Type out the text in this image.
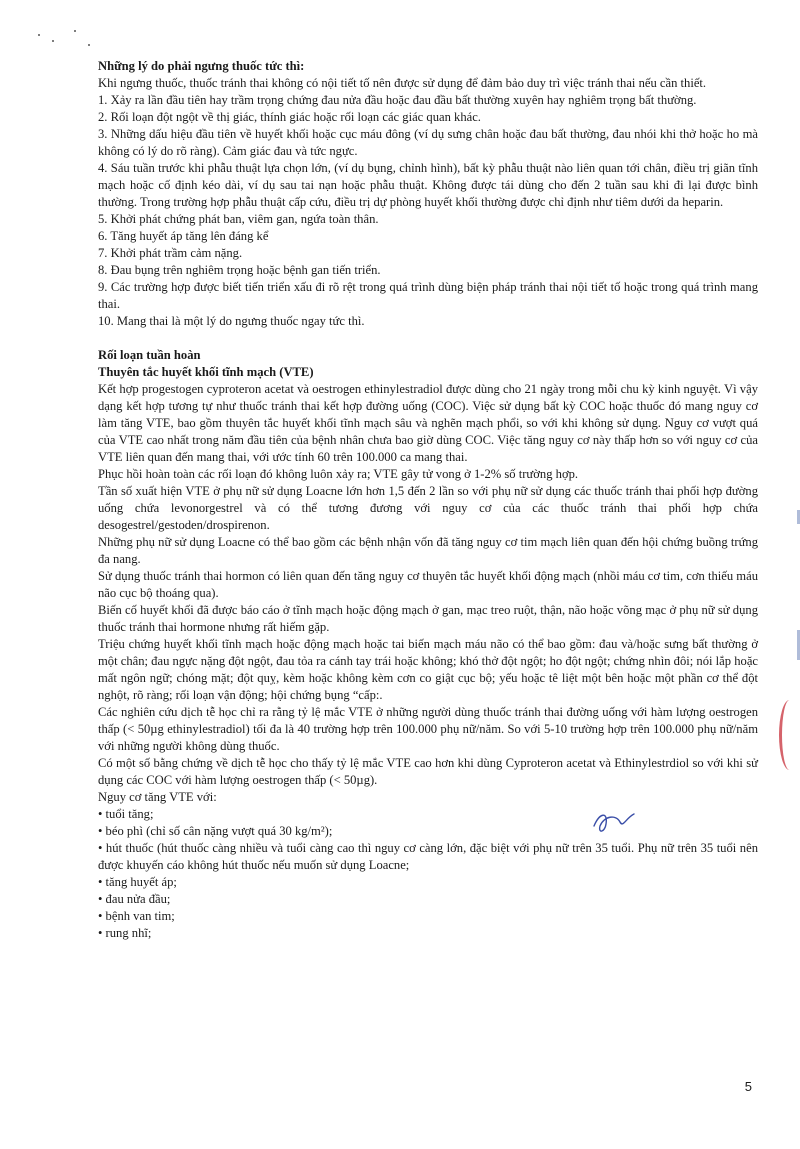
Những lý do phải ngưng thuốc tức thì:

Khi ngưng thuốc, thuốc tránh thai không có nội tiết tố nên được sử dụng để đảm bảo duy trì việc tránh thai nếu cần thiết.

1. Xảy ra lần đầu tiên hay trầm trọng chứng đau nửa đầu hoặc đau đầu bất thường xuyên hay nghiêm trọng bất thường.

2. Rối loạn đột ngột về thị giác, thính giác hoặc rối loạn các giác quan khác.

3. Những dấu hiệu đầu tiên về huyết khối hoặc cục máu đông (ví dụ sưng chân hoặc đau bất thường, đau nhói khi thở hoặc ho mà không có lý do rõ ràng). Cảm giác đau và tức ngực.

4. Sáu tuần trước khi phẫu thuật lựa chọn lớn, (ví dụ bụng, chỉnh hình), bất kỳ phẫu thuật nào liên quan tới chân, điều trị giãn tĩnh mạch hoặc cố định kéo dài, ví dụ sau tai nạn hoặc phẫu thuật. Không được tái dùng cho đến 2 tuần sau khi đi lại được bình thường. Trong trường hợp phẫu thuật cấp cứu, điều trị dự phòng huyết khối thường được chỉ định như tiêm dưới da heparin.

5. Khởi phát chứng phát ban, viêm gan, ngứa toàn thân.

6. Tăng huyết áp tăng lên đáng kể

7. Khởi phát trầm cảm nặng.

8. Đau bụng trên nghiêm trọng hoặc bệnh gan tiến triển.

9. Các trường hợp được biết tiến triển xấu đi rõ rệt trong quá trình dùng biện pháp tránh thai nội tiết tố hoặc trong quá trình mang thai.

10. Mang thai là một lý do ngưng thuốc ngay tức thì.

Rối loạn tuần hoàn

Thuyên tắc huyết khối tĩnh mạch (VTE)

Kết hợp progestogen cyproteron acetat và oestrogen ethinylestradiol được dùng cho 21 ngày trong mỗi chu kỳ kinh nguyệt. Vì vậy dạng kết hợp tương tự như thuốc tránh thai kết hợp đường uống (COC). Việc sử dụng bất kỳ COC hoặc thuốc đó mang nguy cơ làm tăng VTE, bao gồm thuyên tắc huyết khối tĩnh mạch sâu và nghẽn mạch phổi, so với khi không sử dụng. Nguy cơ vượt quá của VTE cao nhất trong năm đầu tiên của bệnh nhân chưa bao giờ dùng COC. Việc tăng nguy cơ này thấp hơn so với nguy cơ của VTE liên quan đến mang thai, với ước tính 60 trên 100.000 ca mang thai.

Phục hồi hoàn toàn các rối loạn đó không luôn xảy ra; VTE gây tử vong ở 1-2% số trường hợp.

Tần số xuất hiện VTE ở phụ nữ sử dụng Loacne lớn hơn 1,5 đến 2 lần so với phụ nữ sử dụng các thuốc tránh thai phối hợp đường uống chứa levonorgestrel và có thể tương đương với nguy cơ của các thuốc tránh thai phối hợp chứa desogestrel/gestoden/drospirenon.

Những phụ nữ sử dụng Loacne có thể bao gồm các bệnh nhận vốn đã tăng nguy cơ tim mạch liên quan đến hội chứng buồng trứng đa nang.

Sử dụng thuốc tránh thai hormon có liên quan đến tăng nguy cơ thuyên tắc huyết khối động mạch (nhồi máu cơ tim, cơn thiếu máu não cục bộ thoáng qua).

Biến cố huyết khối đã được báo cáo ở tĩnh mạch hoặc động mạch ở gan, mạc treo ruột, thận, não hoặc võng mạc ở phụ nữ sử dụng thuốc tránh thai hormone nhưng rất hiếm gặp.

Triệu chứng huyết khối tĩnh mạch hoặc động mạch hoặc tai biến mạch máu não có thể bao gồm: đau và/hoặc sưng bất thường ở một chân; đau ngực nặng đột ngột, đau tỏa ra cánh tay trái hoặc không; khó thở đột ngột; ho đột ngột; chứng nhìn đôi; nói lắp hoặc mất ngôn ngữ; chóng mặt; đột quỵ, kèm hoặc không kèm cơn co giật cục bộ; yếu hoặc tê liệt một bên hoặc một phần cơ thể đột nghột, rõ ràng; rối loạn vận động; hội chứng bụng “cấp:.

Các nghiên cứu dịch tễ học chỉ ra rằng tỷ lệ mắc VTE ở những người dùng thuốc tránh thai đường uống với hàm lượng oestrogen thấp (< 50µg ethinylestradiol) tối đa là 40 trường hợp trên 100.000 phụ nữ/năm. So với 5-10 trường hợp trên 100.000 phụ nữ/năm với những người không dùng thuốc.

Có một số bằng chứng về dịch tễ học cho thấy tỷ lệ mắc VTE cao hơn khi dùng Cyproteron acetat và Ethinylestrdiol so với khi sử dụng các COC với hàm lượng oestrogen thấp (< 50µg).

Nguy cơ tăng VTE với:

• tuổi tăng;

• béo phì (chỉ số cân nặng vượt quá 30 kg/m²);

• hút thuốc (hút thuốc càng nhiều và tuổi càng cao thì nguy cơ càng lớn, đặc biệt với phụ nữ trên 35 tuổi. Phụ nữ trên 35 tuổi nên được khuyến cáo không hút thuốc nếu muốn sử dụng Loacne;

• tăng huyết áp;

• đau nửa đầu;

• bệnh van tim;

• rung nhĩ;

5
